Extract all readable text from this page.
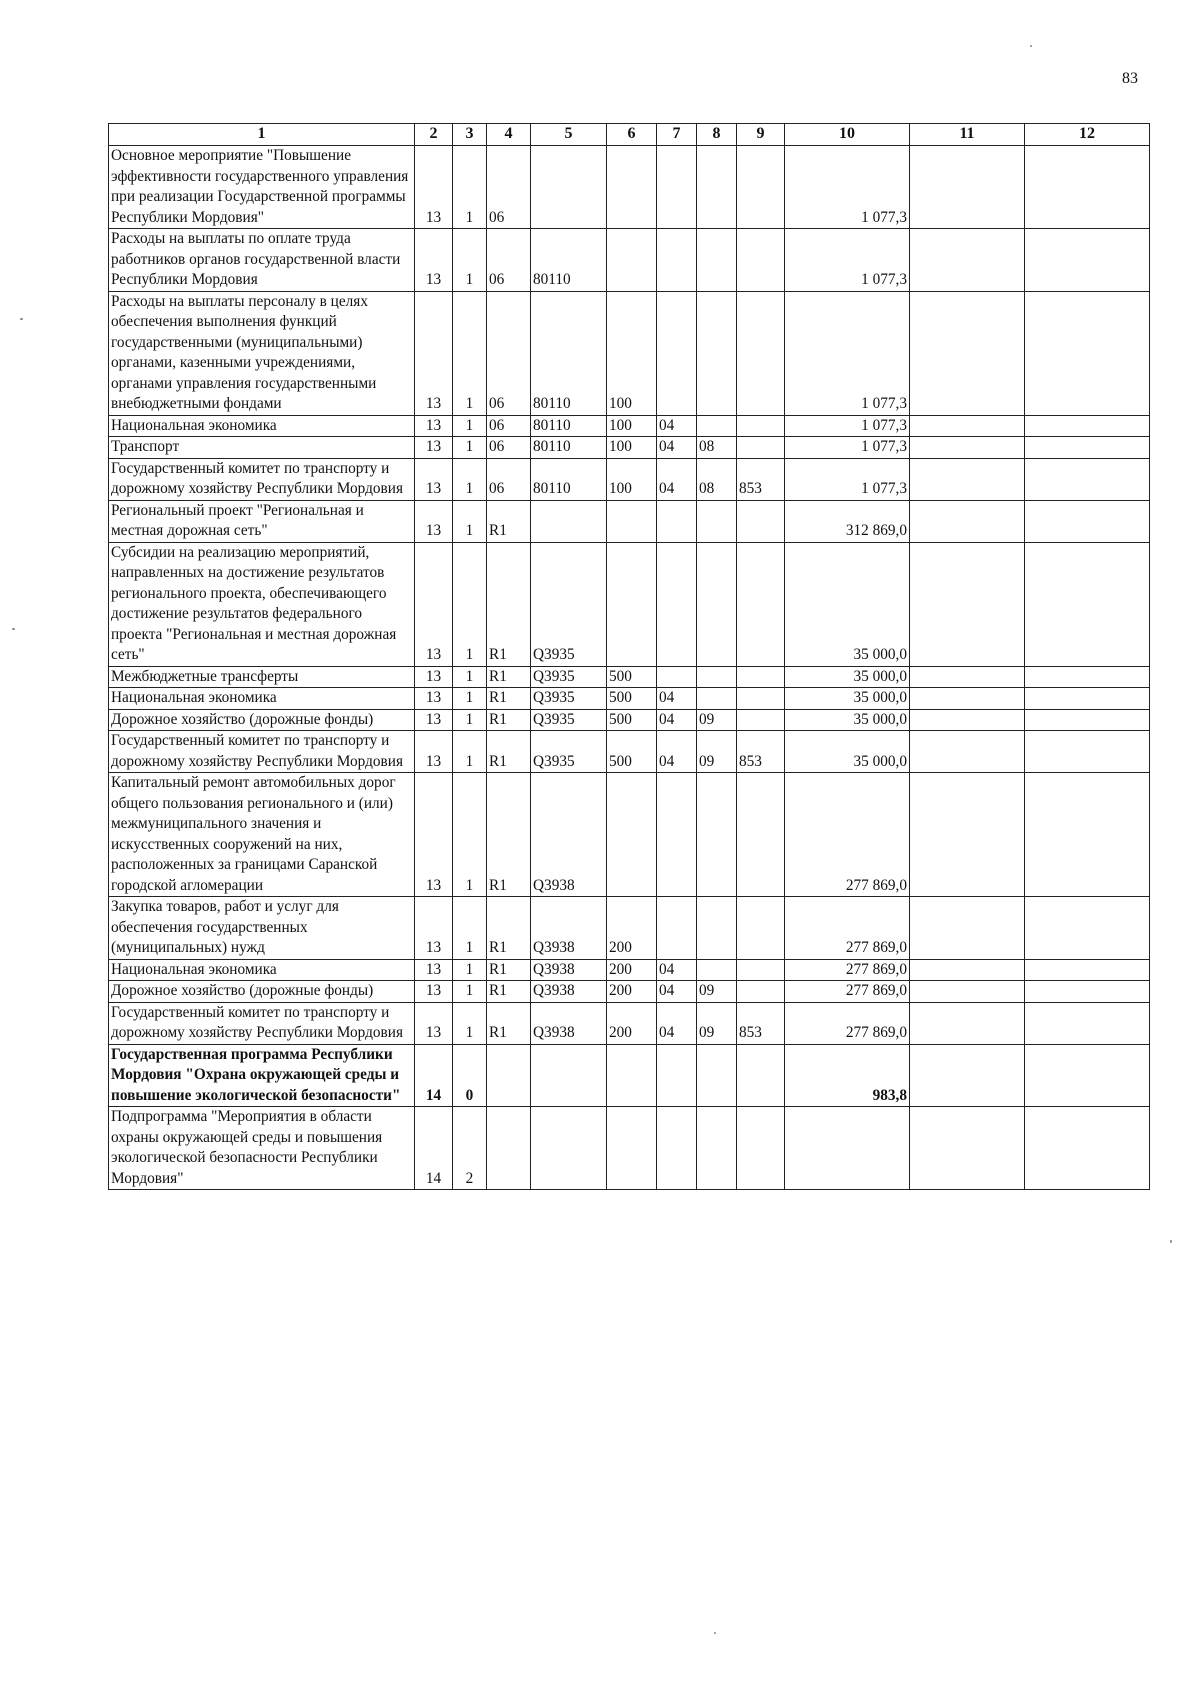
83
1	2	3	4	5	6	7	8	9	10	11	12
Основное мероприятие "Повышение эффективности государственного управления при реализации Государственной программы Республики Мордовия"	13	1	06						1 077,3		
Расходы на выплаты по оплате труда работников органов государственной власти Республики Мордовия	13	1	06	80110					1 077,3		
Расходы на выплаты персоналу в целях обеспечения выполнения функций государственными (муниципальными) органами, казенными учреждениями, органами управления государственными внебюджетными фондами	13	1	06	80110	100				1 077,3		
Национальная экономика	13	1	06	80110	100	04			1 077,3		
Транспорт	13	1	06	80110	100	04	08		1 077,3		
Государственный комитет по транспорту и дорожному хозяйству Республики Мордовия	13	1	06	80110	100	04	08	853	1 077,3		
Региональный проект "Региональная и местная дорожная сеть"	13	1	R1						312 869,0		
Субсидии на реализацию мероприятий, направленных на достижение результатов регионального проекта, обеспечивающего достижение результатов федерального проекта "Региональная и местная дорожная сеть"	13	1	R1	Q3935					35 000,0		
Межбюджетные трансферты	13	1	R1	Q3935	500				35 000,0		
Национальная экономика	13	1	R1	Q3935	500	04			35 000,0		
Дорожное хозяйство (дорожные фонды)	13	1	R1	Q3935	500	04	09		35 000,0		
Государственный комитет по транспорту и дорожному хозяйству Республики Мордовия	13	1	R1	Q3935	500	04	09	853	35 000,0		
Капитальный ремонт автомобильных дорог общего пользования регионального и (или) межмуниципального значения и искусственных сооружений на них, расположенных за границами Саранской городской агломерации	13	1	R1	Q3938					277 869,0		
Закупка товаров, работ и услуг для обеспечения государственных (муниципальных) нужд	13	1	R1	Q3938	200				277 869,0		
Национальная экономика	13	1	R1	Q3938	200	04			277 869,0		
Дорожное хозяйство (дорожные фонды)	13	1	R1	Q3938	200	04	09		277 869,0		
Государственный комитет по транспорту и дорожному хозяйству Республики Мордовия	13	1	R1	Q3938	200	04	09	853	277 869,0		
Государственная программа Республики Мордовия "Охрана окружающей среды и повышение экологической безопасности"	14	0							983,8		
Подпрограмма "Мероприятия в области охраны окружающей среды и повышения экологической безопасности Республики Мордовия"	14	2									
